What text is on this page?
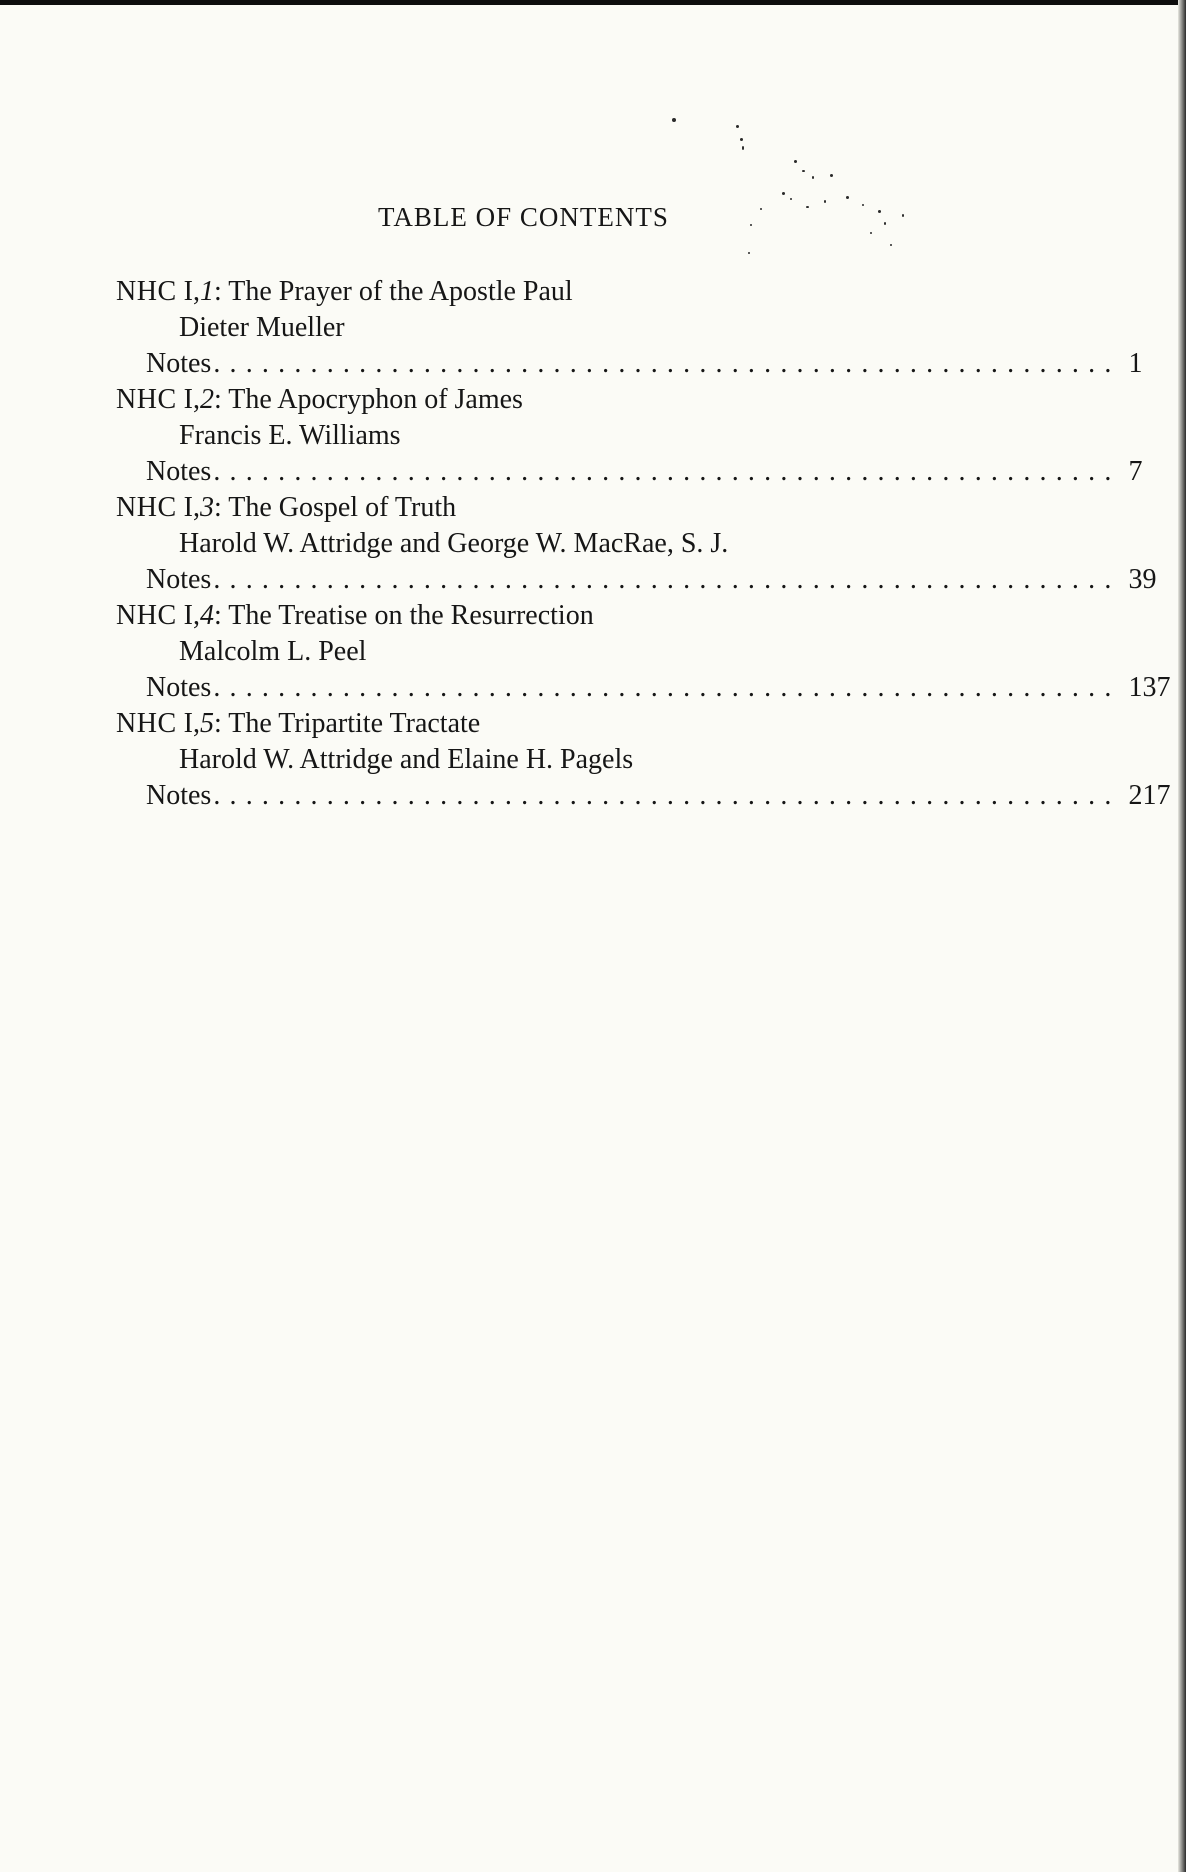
TABLE OF CONTENTS
NHC I,1: The Prayer of the Apostle Paul
Dieter Mueller
Notes ........................................................ 1
NHC I,2: The Apocryphon of James
Francis E. Williams
Notes ........................................................ 7
NHC I,3: The Gospel of Truth
Harold W. Attridge and George W. MacRae, S. J.
Notes ........................................................ 39
NHC I,4: The Treatise on the Resurrection
Malcolm L. Peel
Notes ........................................................ 137
NHC I,5: The Tripartite Tractate
Harold W. Attridge and Elaine H. Pagels
Notes ........................................................ 217
